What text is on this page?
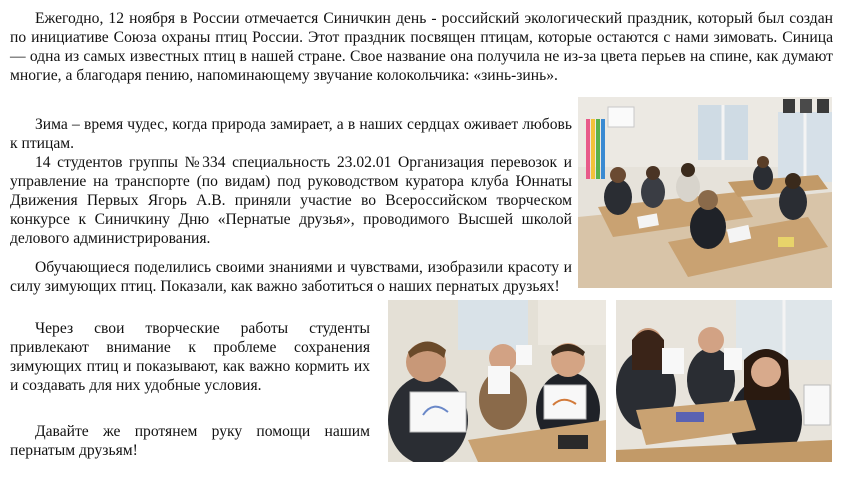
Ежегодно, 12 ноября в России отмечается Синичкин день - российский экологический праздник, который был создан по инициативе Союза охраны птиц России. Этот праздник посвящен птицам, которые остаются с нами зимовать. Синица — одна из самых известных птиц в нашей стране. Свое название она получила не из-за цвета перьев на спине, как думают многие, а благодаря пению, напоминающему звучание колокольчика: «зинь-зинь».

Зима – время чудес, когда природа замирает, а в наших сердцах оживает любовь к птицам.

14 студентов группы №334 специальность 23.02.01 Организация перевозок и управление на транспорте (по видам) под руководством куратора клуба Юннаты Движения Первых Ягорь А.В. приняли участие во Всероссийском творческом конкурсе к Синичкину Дню «Пернатые друзья», проводимого Высшей школой делового администрирования.

Обучающиеся поделились своими знаниями и чувствами, изобразили красоту и силу зимующих птиц. Показали, как важно заботиться о наших пернатых друзьях!

Через свои творческие работы студенты привлекают внимание к проблеме сохранения зимующих птиц и показывают, как важно кормить их и создавать для них удобные условия.

Давайте же протянем руку помощи нашим пернатым друзьям!
